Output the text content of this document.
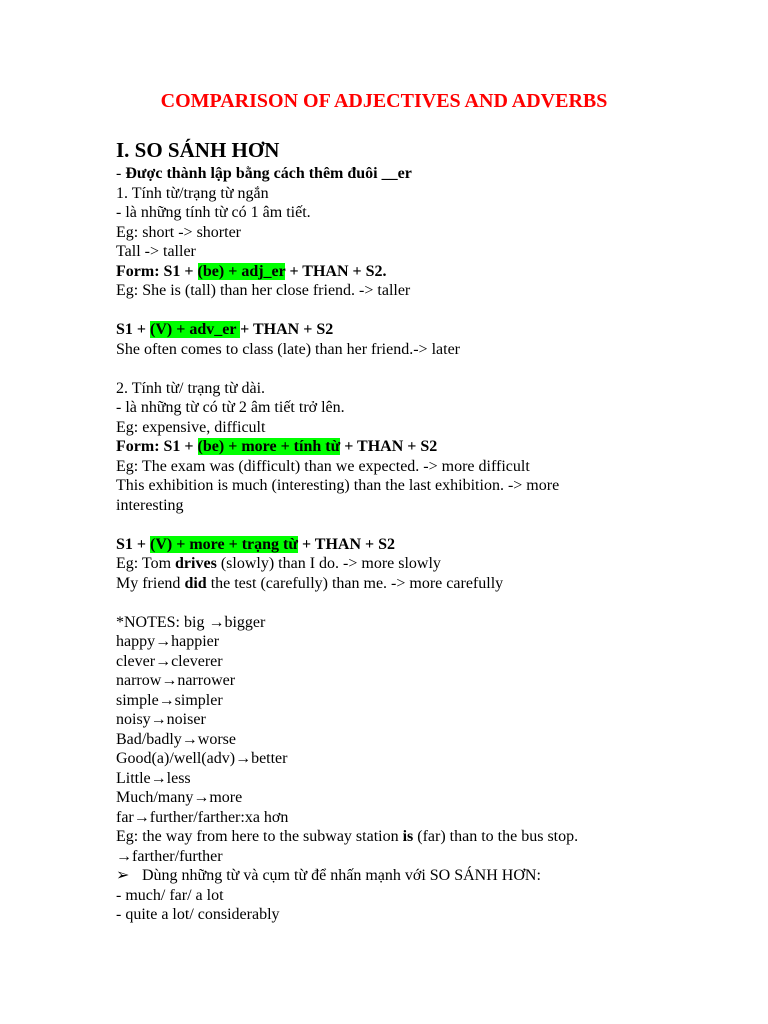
COMPARISON OF ADJECTIVES AND ADVERBS
I. SO SÁNH HƠN
- Được thành lập bằng cách thêm đuôi __er
1. Tính từ/trạng từ ngắn
- là những tính từ có 1 âm tiết.
Eg: short -> shorter
Tall -> taller
Form: S1 + (be) + adj_er + THAN + S2.
Eg: She is (tall) than her close friend. -> taller
S1 + (V) + adv_er + THAN + S2
She often comes to class (late) than her friend.-> later
2. Tính từ/ trạng từ dài.
- là những từ có từ 2 âm tiết trở lên.
Eg: expensive, difficult
Form: S1 + (be) + more + tính từ + THAN + S2
Eg: The exam was (difficult) than we expected. -> more difficult
This exhibition is much (interesting) than the last exhibition. -> more
interesting
S1 + (V) + more + trạng từ + THAN + S2
Eg: Tom drives (slowly) than I do. -> more slowly
My friend did the test (carefully) than me. -> more carefully
*NOTES: big →bigger
happy→happier
clever→cleverer
narrow→narrower
simple→simpler
noisy→noiser
Bad/badly→worse
Good(a)/well(adv)→better
Little→less
Much/many→more
far→further/farther:xa hơn
Eg: the way from here to the subway station is (far) than to the bus stop.
→farther/further
➢ Dùng những từ và cụm từ để nhấn mạnh với SO SÁNH HƠN:
- much/ far/ a lot
- quite a lot/ considerably
